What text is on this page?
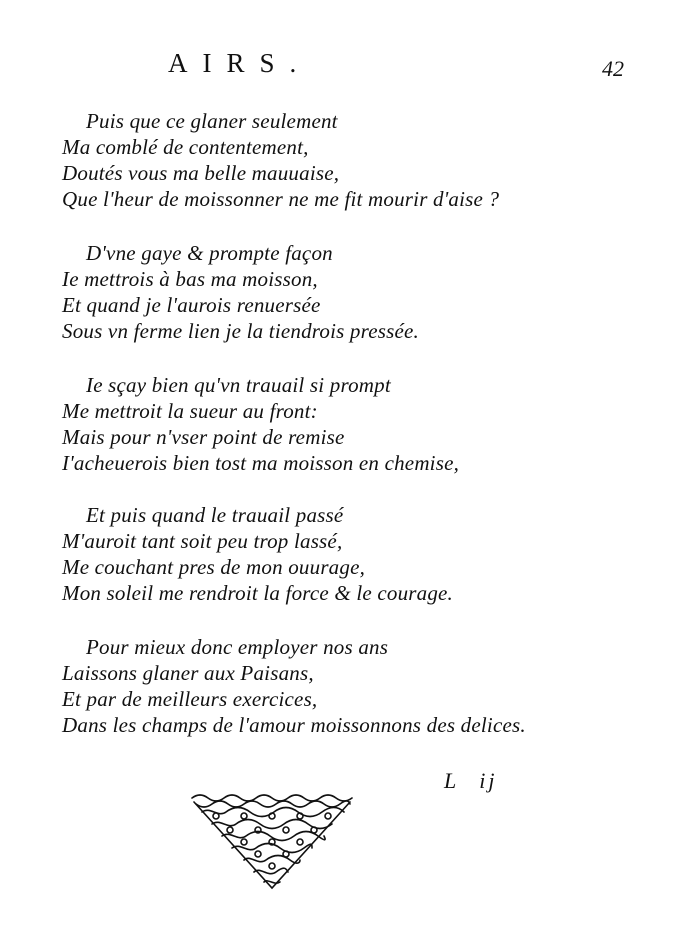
AIRS.	42
Puis que ce glaner seulement
Ma comblé de contentement,
Doutés vous ma belle mauuaise,
Que l'heur de moissonner ne me fit mourir d'aise ?
D'vne gaye & prompte façon
Ie mettrois à bas ma moisson,
Et quand je l'aurois renuersée
Sous vn ferme lien je la tiendrois pressée.
Ie sçay bien qu'vn trauail si prompt
Me mettroit la sueur au front:
Mais pour n'vser point de remise
I'acheuerois bien tost ma moisson en chemise,
Et puis quand le trauail passé
M'auroit tant soit peu trop lassé,
Me couchant pres de mon ouurage,
Mon soleil me rendroit la force & le courage.
Pour mieux donc employer nos ans
Laissons glaner aux Paisans,
Et par de meilleurs exercices,
Dans les champs de l'amour moissonnons des delices.
L ij
